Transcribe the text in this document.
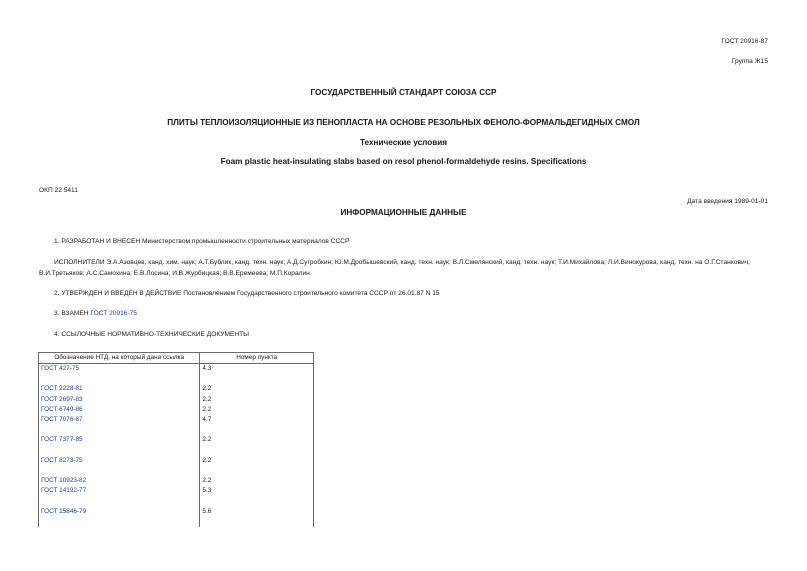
ГОСТ 20916-87
Группа Ж15
ГОСУДАРСТВЕННЫЙ СТАНДАРТ СОЮЗА ССР
ПЛИТЫ ТЕПЛОИЗОЛЯЦИОННЫЕ ИЗ ПЕНОПЛАСТА НА ОСНОВЕ РЕЗОЛЬНЫХ ФЕНОЛО-ФОРМАЛЬДЕГИДНЫХ СМОЛ
Технические условия
Foam plastic heat-insulating slabs based on resol phenol-formaldehyde resins. Specifications
ОКП 22 5411
Дата введения 1989-01-01
ИНФОРМАЦИОННЫЕ ДАННЫЕ
1. РАЗРАБОТАН И ВНЕСЕН Министерством промышленности строительных материалов СССР
ИСПОЛНИТЕЛИ Э.А.Азовцев, канд. хим. наук; А.Т.Бублик, канд. техн. наук; А.Д.Сугробкин; Ю.М.Дробышевский, канд. техн. наук; В.Л.Смелянский, канд. техн. наук; Т.И.Михайлова; Л.И.Винокурова, канд. техн. на О.Г.Станкович; В.И.Третьяков; А.С.Самохина; Е.В.Лосина; И.В.Журбицкая; В.В.Еремеева; М.П.Коралин
2. УТВЕРЖДЕН И ВВЕДЕН В ДЕЙСТВИЕ Постановлением Государственного строительного комитета СССР от 26.01.87 N 15
3. ВЗАМЕН ГОСТ 20916-75
4. ССЫЛОЧНЫЕ НОРМАТИВНО-ТЕХНИЧЕСКИЕ ДОКУМЕНТЫ
Обозначение НТД, на который дана ссылка	Номер пункта
ГОСТ 427-75	4.3

ГОСТ 2228-81	2.2
ГОСТ 2697-83	2.2
ГОСТ 6749-86	2.2
ГОСТ 7076-87	4.7

ГОСТ 7377-85	2.2

ГОСТ 8273-75	2.2

ГОСТ 10923-82	2.2
ГОСТ 14192-77	5.3

ГОСТ 15846-79	5.6
